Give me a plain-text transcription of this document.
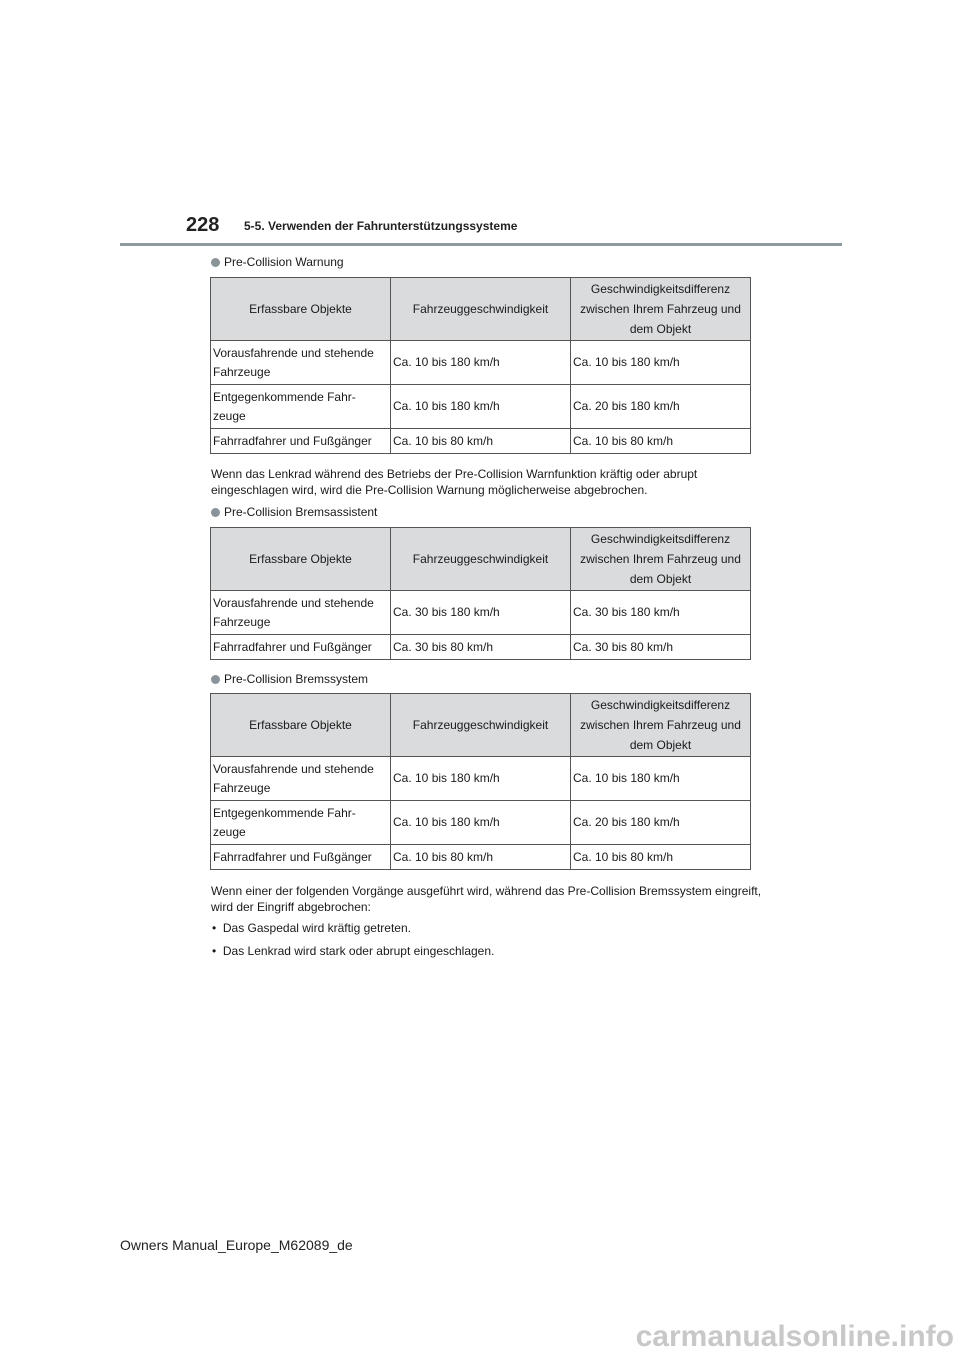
228 5-5. Verwenden der Fahrunterstützungssysteme
Pre-Collision Warnung
Erfassbare Objekte	Fahrzeuggeschwindigkeit	Geschwindigkeitsdifferenz zwischen Ihrem Fahrzeug und dem Objekt
Vorausfahrende und stehende Fahrzeuge	Ca. 10 bis 180 km/h	Ca. 10 bis 180 km/h
Entgegenkommende Fahr-zeuge	Ca. 10 bis 180 km/h	Ca. 20 bis 180 km/h
Fahrradfahrer und Fußgänger	Ca. 10 bis 80 km/h	Ca. 10 bis 80 km/h
Wenn das Lenkrad während des Betriebs der Pre-Collision Warnfunktion kräftig oder abrupt eingeschlagen wird, wird die Pre-Collision Warnung möglicherweise abgebrochen.
Pre-Collision Bremsassistent
Erfassbare Objekte	Fahrzeuggeschwindigkeit	Geschwindigkeitsdifferenz zwischen Ihrem Fahrzeug und dem Objekt
Vorausfahrende und stehende Fahrzeuge	Ca. 30 bis 180 km/h	Ca. 30 bis 180 km/h
Fahrradfahrer und Fußgänger	Ca. 30 bis 80 km/h	Ca. 30 bis 80 km/h
Pre-Collision Bremssystem
Erfassbare Objekte	Fahrzeuggeschwindigkeit	Geschwindigkeitsdifferenz zwischen Ihrem Fahrzeug und dem Objekt
Vorausfahrende und stehende Fahrzeuge	Ca. 10 bis 180 km/h	Ca. 10 bis 180 km/h
Entgegenkommende Fahr-zeuge	Ca. 10 bis 180 km/h	Ca. 20 bis 180 km/h
Fahrradfahrer und Fußgänger	Ca. 10 bis 80 km/h	Ca. 10 bis 80 km/h
Wenn einer der folgenden Vorgänge ausgeführt wird, während das Pre-Collision Bremssystem eingreift, wird der Eingriff abgebrochen:
•  Das Gaspedal wird kräftig getreten.
•  Das Lenkrad wird stark oder abrupt eingeschlagen.
Owners Manual_Europe_M62089_de
carmanualsonline.info
